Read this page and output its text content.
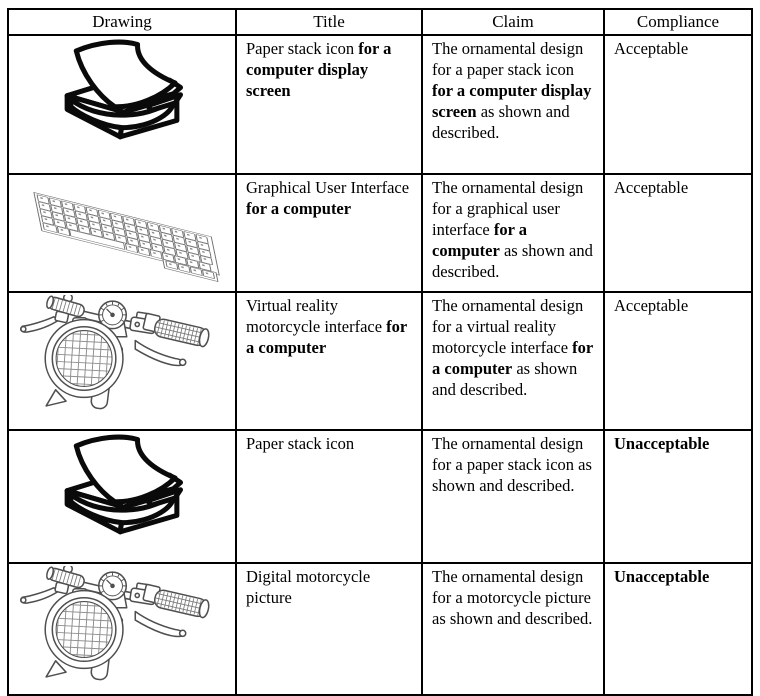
Drawing	Title	Claim	Compliance

	Paper stack icon for a computer display screen	The ornamental design for a paper stack icon for a computer display screen as shown and described.	Acceptable

	Graphical User Interface for a computer	The ornamental design for a graphical user interface for a computer as shown and described.	Acceptable

	Virtual reality motorcycle interface for a computer	The ornamental design for a virtual reality motorcycle interface for a computer as shown and described.	Acceptable

	Paper stack icon	The ornamental design for a paper stack icon as shown and described.	Unacceptable

	Digital motorcycle picture	The ornamental design for a motorcycle picture as shown and described.	Unacceptable
